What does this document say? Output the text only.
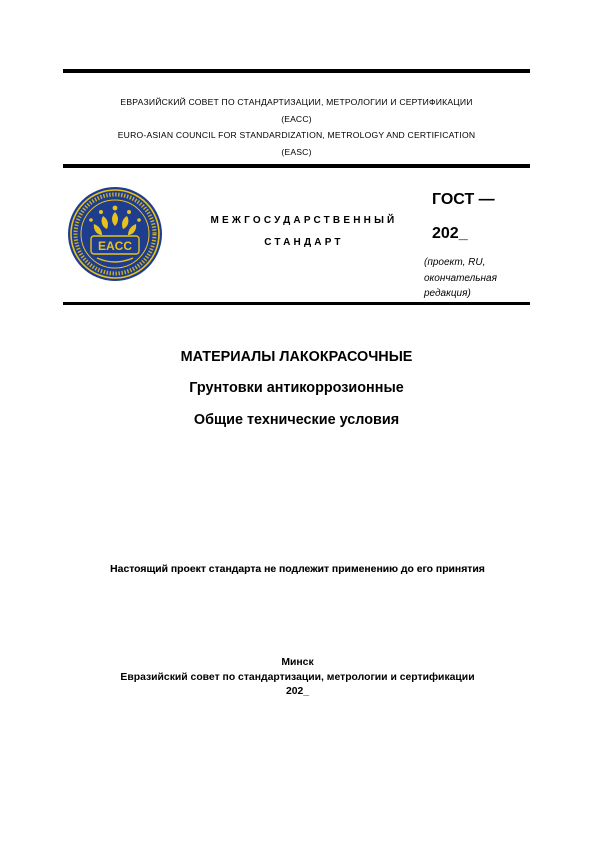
ЕВРАЗИЙСКИЙ СОВЕТ ПО СТАНДАРТИЗАЦИИ, МЕТРОЛОГИИ И СЕРТИФИКАЦИИ
(ЕАСС)
EURO-ASIAN COUNCIL FOR STANDARDIZATION, METROLOGY AND CERTIFICATION
(EASC)
EACC
МЕЖГОСУДАРСТВЕННЫЙ
СТАНДАРТ
ГОСТ —
202_
(проект, RU,
окончательная
редакция)
МАТЕРИАЛЫ ЛАКОКРАСОЧНЫЕ
Грунтовки антикоррозионные
Общие технические условия
Настоящий проект стандарта не подлежит применению до его принятия
Минск
Евразийский совет по стандартизации, метрологии и сертификации
202_
